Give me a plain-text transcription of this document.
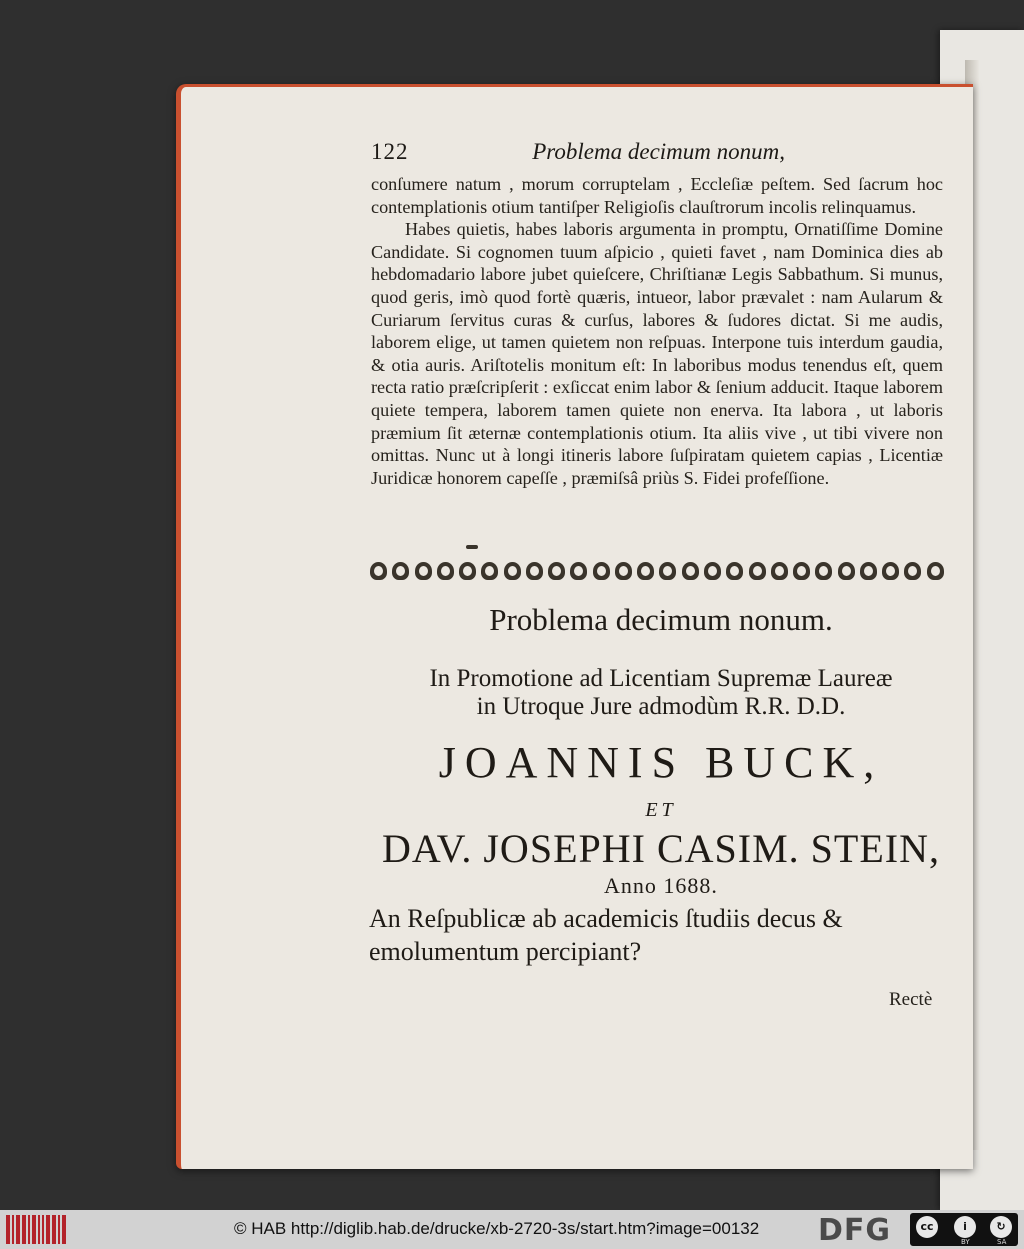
122	Problema decimum nonum,

conſumere natum , morum corruptelam , Eccleſiæ peſtem. Sed ſacrum hoc contemplationis otium tantiſper Religioſis clauſtrorum incolis relinquamus.

Habes quietis, habes laboris argumenta in promptu, Ornatiſſime Domine Candidate. Si cognomen tuum aſpicio , quieti favet , nam Dominica dies ab hebdomadario labore jubet quieſcere, Chriſtianæ Legis Sabbathum. Si munus, quod geris, imò quod fortè quæris, intueor, labor prævalet : nam Aularum & Curiarum ſervitus curas & curſus, labores & ſudores dictat. Si me audis, laborem elige, ut tamen quietem non reſpuas. Interpone tuis interdum gaudia, & otia auris. Ariſtotelis monitum eſt: In laboribus modus tenendus eſt, quem recta ratio præſcripſerit : exſiccat enim labor & ſenium adducit. Itaque laborem quiete tempera, laborem tamen quiete non enerva. Ita labora , ut laboris præmium ſit æternæ contemplationis otium. Ita aliis vive , ut tibi vivere non omittas. Nunc ut à longi itineris labore ſuſpiratam quietem capias , Licentiæ Juridicæ honorem capeſſe , præmiſsâ priùs S. Fidei profeſſione.

Problema decimum nonum.
In Promotione ad Licentiam Supremæ Laureæ
in Utroque Jure admodùm R.R. D.D.
JOANNIS BUCK,
ET
DAV. JOSEPHI CASIM. STEIN,
Anno 1688.
An Reſpublicæ ab academicis ſtudiis decus & emolumentum percipiant?
Rectè
© HAB http://diglib.hab.de/drucke/xb-2720-3s/start.htm?image=00132 DFG	cc	i	↻
BY	SA
